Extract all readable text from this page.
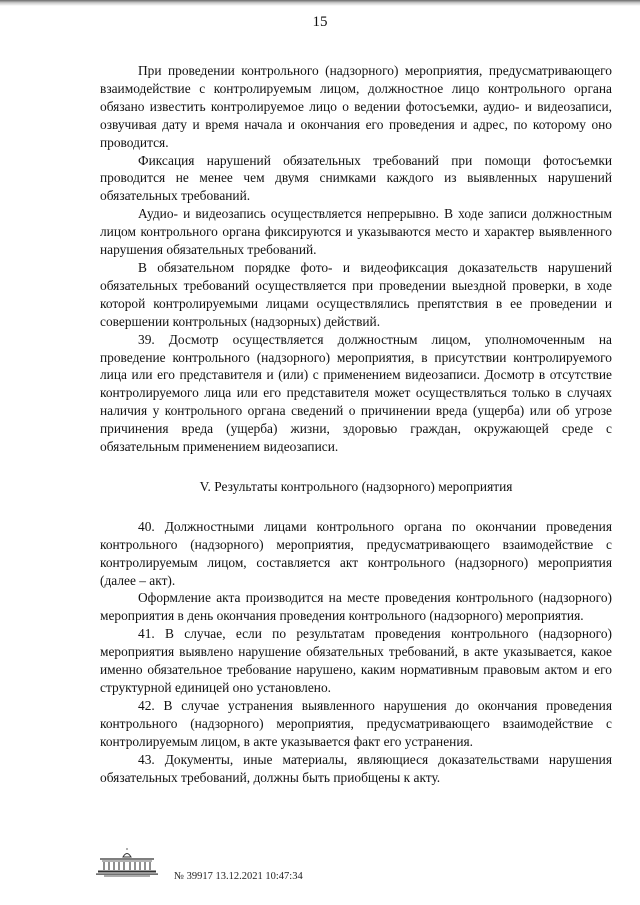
15

При проведении контрольного (надзорного) мероприятия, предусматривающего взаимодействие с контролируемым лицом, должностное лицо контрольного органа обязано известить контролируемое лицо о ведении фотосъемки, аудио- и видеозаписи, озвучивая дату и время начала и окончания его проведения и адрес, по которому оно проводится.

Фиксация нарушений обязательных требований при помощи фотосъемки проводится не менее чем двумя снимками каждого из выявленных нарушений обязательных требований.

Аудио- и видеозапись осуществляется непрерывно. В ходе записи должностным лицом контрольного органа фиксируются и указываются место и характер выявленного нарушения обязательных требований.

В обязательном порядке фото- и видеофиксация доказательств нарушений обязательных требований осуществляется при проведении выездной проверки, в ходе которой контролируемыми лицами осуществлялись препятствия в ее проведении и совершении контрольных (надзорных) действий.

39. Досмотр осуществляется должностным лицом, уполномоченным на проведение контрольного (надзорного) мероприятия, в присутствии контролируемого лица или его представителя и (или) с применением видеозаписи. Досмотр в отсутствие контролируемого лица или его представителя может осуществляться только в случаях наличия у контрольного органа сведений о причинении вреда (ущерба) или об угрозе причинения вреда (ущерба) жизни, здоровью граждан, окружающей среде с обязательным применением видеозаписи.

V. Результаты контрольного (надзорного) мероприятия

40. Должностными лицами контрольного органа по окончании проведения контрольного (надзорного) мероприятия, предусматривающего взаимодействие с контролируемым лицом, составляется акт контрольного (надзорного) мероприятия (далее – акт).

Оформление акта производится на месте проведения контрольного (надзорного) мероприятия в день окончания проведения контрольного (надзорного) мероприятия.

41. В случае, если по результатам проведения контрольного (надзорного) мероприятия выявлено нарушение обязательных требований, в акте указывается, какое именно обязательное требование нарушено, каким нормативным правовым актом и его структурной единицей оно установлено.

42. В случае устранения выявленного нарушения до окончания проведения контрольного (надзорного) мероприятия, предусматривающего взаимодействие с контролируемым лицом, в акте указывается факт его устранения.

43. Документы, иные материалы, являющиеся доказательствами нарушения обязательных требований, должны быть приобщены к акту.

№ 39917 13.12.2021 10:47:34
